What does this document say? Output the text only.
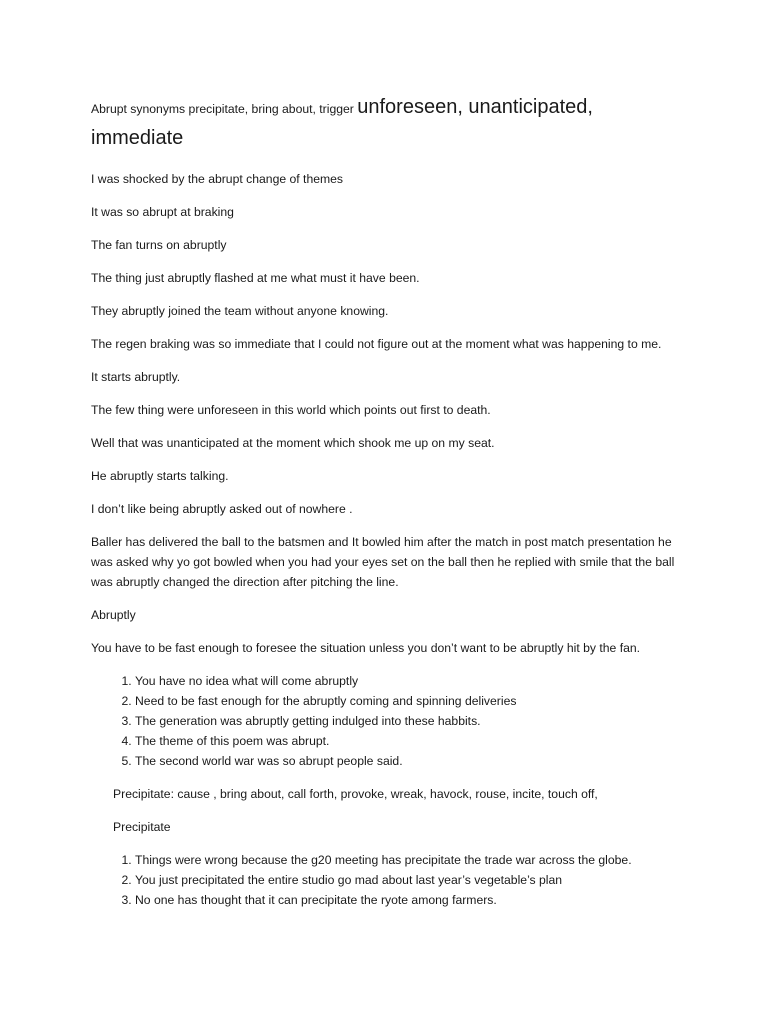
Abrupt synonyms precipitate, bring about, trigger unforeseen, unanticipated, immediate

I was shocked by the abrupt change of themes

It was so abrupt at braking

The fan turns on abruptly

The thing just abruptly flashed at me what must it have been.

They abruptly joined the team without anyone knowing.

The regen braking was so immediate that I could not figure out at the moment what was happening to me.

It starts abruptly.

The few thing were unforeseen in this world which points out first to death.

Well that was unanticipated at the moment which shook me up on my seat.

He abruptly starts talking.

I don’t like being abruptly asked out of nowhere .

Baller has delivered the ball to the batsmen and It bowled him after the match in post match presentation he was asked why yo got bowled when you had your eyes set on the ball then he replied with smile that the ball was abruptly changed the direction after pitching the line.

Abruptly

You have to be fast enough to foresee the situation unless you don’t want to be abruptly hit by the fan.

1. You have no idea what will come abruptly
2. Need to be fast enough for the abruptly coming and spinning deliveries
3. The generation was abruptly getting indulged into these habbits.
4. The theme of this poem was abrupt.
5. The second world war was so abrupt people said.

Precipitate: cause , bring about, call forth, provoke, wreak, havock, rouse, incite, touch off,

Precipitate

1. Things were wrong because the g20 meeting has precipitate the trade war across the globe.
2. You just precipitated the entire studio go mad about last year’s vegetable’s plan
3. No one has thought that it can precipitate the ryote among farmers.
